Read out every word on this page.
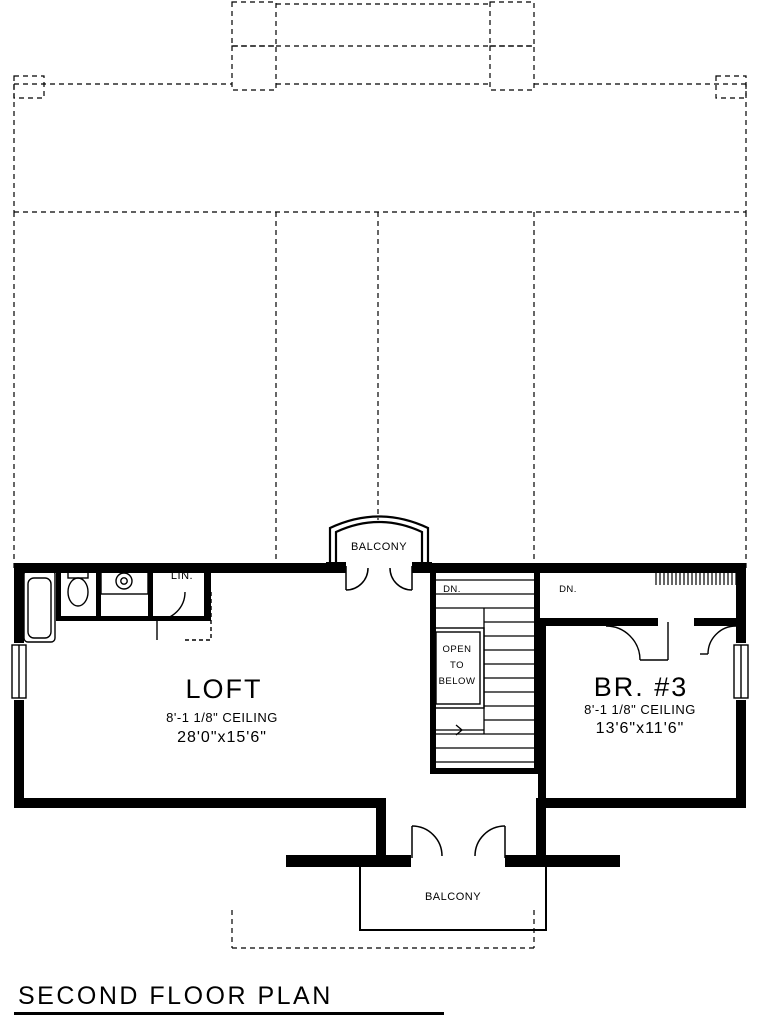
LOFT
8'-1 1/8" CEILING
28'0"x15'6"
BR. #3
8'-1 1/8" CEILING
13'6"x11'6"
BALCONY
BALCONY
LIN.
DN.	DN.
OPEN
TO
BELOW
SECOND FLOOR PLAN
